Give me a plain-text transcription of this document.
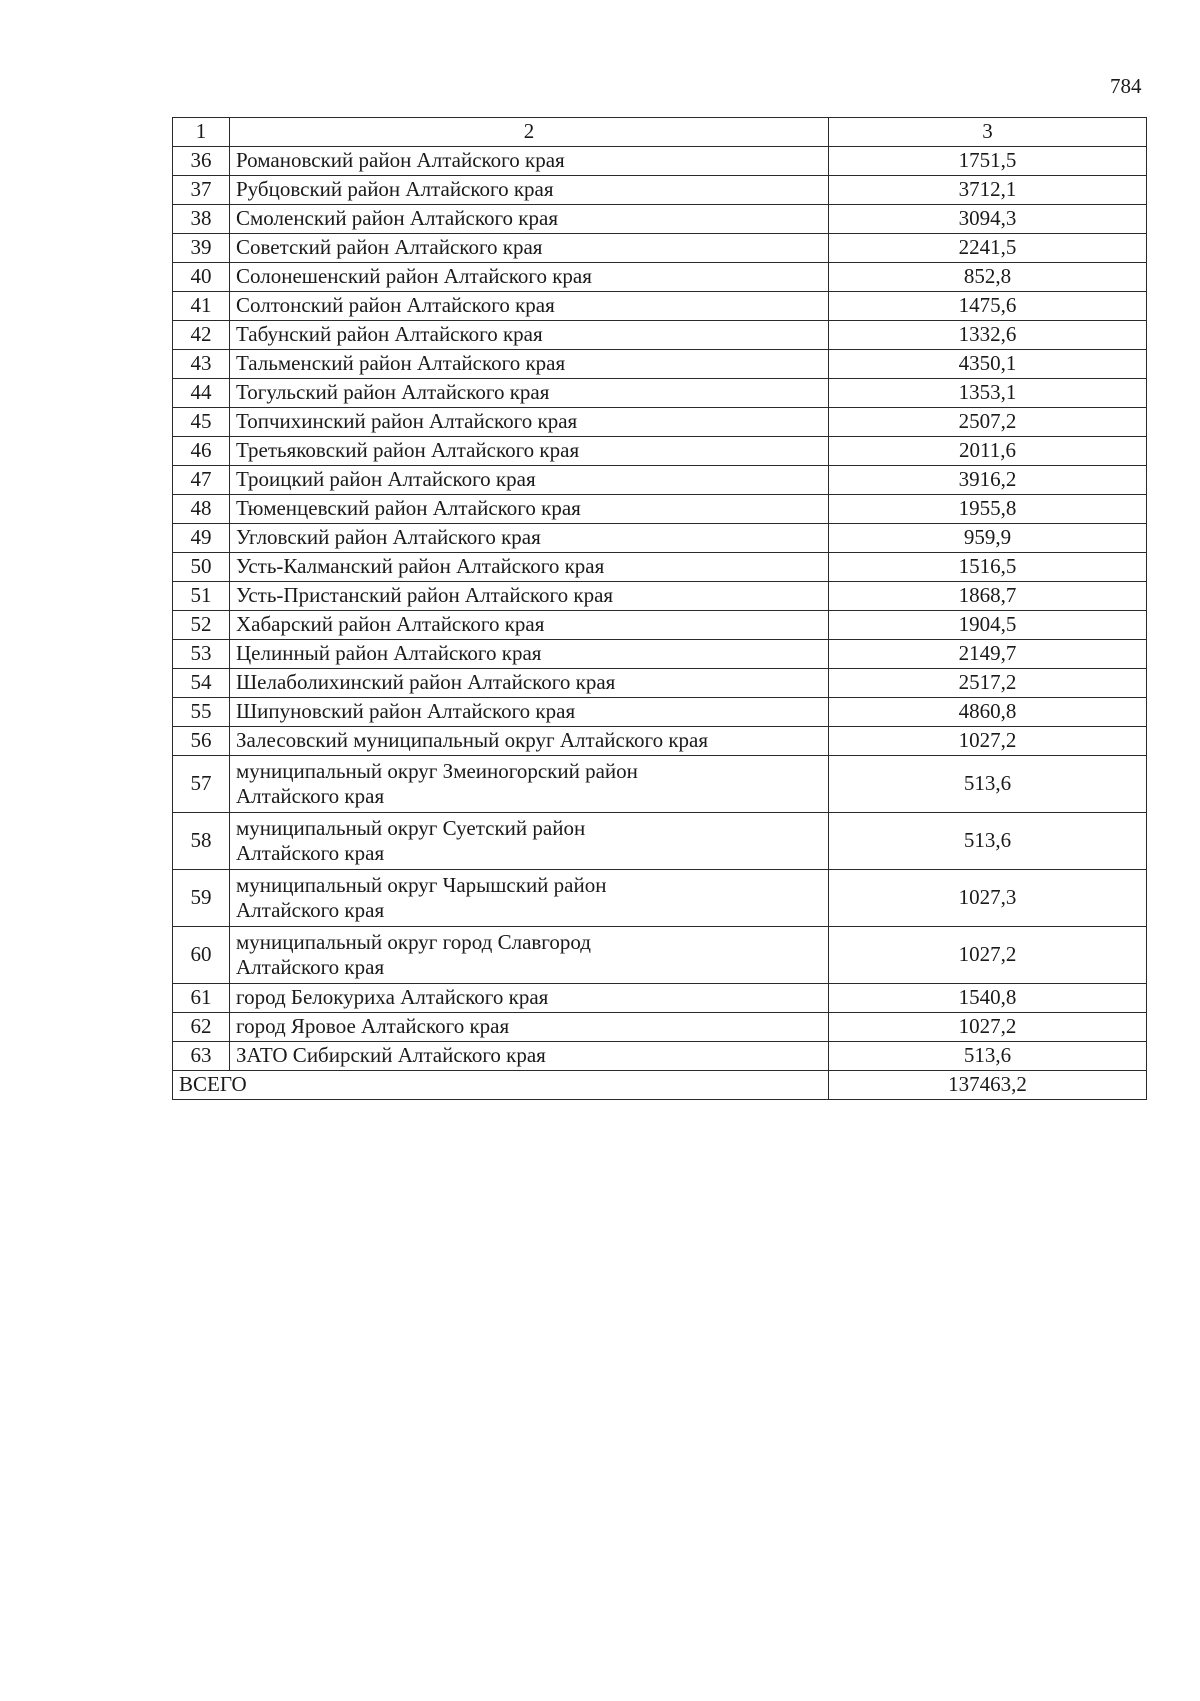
784
1	2	3
36	Романовский район Алтайского края	1751,5
37	Рубцовский район Алтайского края	3712,1
38	Смоленский район Алтайского края	3094,3
39	Советский район Алтайского края	2241,5
40	Солонешенский район Алтайского края	852,8
41	Солтонский район Алтайского края	1475,6
42	Табунский район Алтайского края	1332,6
43	Тальменский район Алтайского края	4350,1
44	Тогульский район Алтайского края	1353,1
45	Топчихинский район Алтайского края	2507,2
46	Третьяковский район Алтайского края	2011,6
47	Троицкий район Алтайского края	3916,2
48	Тюменцевский район Алтайского края	1955,8
49	Угловский район Алтайского края	959,9
50	Усть-Калманский район Алтайского края	1516,5
51	Усть-Пристанский район Алтайского края	1868,7
52	Хабарский район Алтайского края	1904,5
53	Целинный район Алтайского края	2149,7
54	Шелаболихинский район Алтайского края	2517,2
55	Шипуновский район Алтайского края	4860,8
56	Залесовский муниципальный округ Алтайского края	1027,2
57	муниципальный округ Змеиногорский район
Алтайского края	513,6
58	муниципальный округ Суетский район
Алтайского края	513,6
59	муниципальный округ Чарышский район
Алтайского края	1027,3
60	муниципальный округ город Славгород
Алтайского края	1027,2
61	город Белокуриха Алтайского края	1540,8
62	город Яровое Алтайского края	1027,2
63	ЗАТО Сибирский Алтайского края	513,6
ВСЕГО		137463,2
